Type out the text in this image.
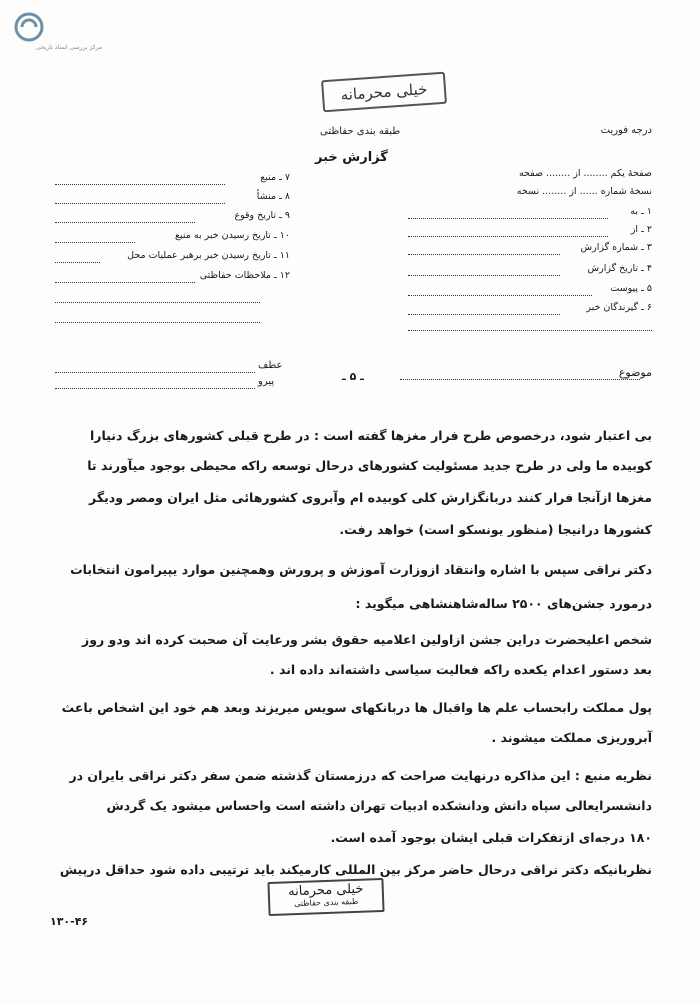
مرکز بررسی اسناد تاریخی
خیلی محرمانه
درجه فوریت
طبقه بندی حفاظتی
گزارش خبر
صفحهٔ یکم ........ از ........ صفحه
نسخهٔ شماره ...... از ........ نسخه
۱ ـ به
۲ ـ از
۳ ـ شماره گزارش
۴ ـ تاریخ گزارش
۵ ـ پیوست
۶ ـ گیرندگان خبر
۷ ـ منبع
۸ ـ منشأ
۹ ـ تاریخ وقوع
۱۰ ـ تاریخ رسیدن خبر به منبع
۱۱ ـ تاریخ رسیدن خبر برهبر عملیات محل
۱۲ ـ ملاحظات حفاظتی
موضوع
ـ ۵ ـ
عطف
پیرو
بی اعتبار شود، درخصوص طرح فرار مغزها گفته است : در طرح قبلی کشورهای بزرگ دنیارا
کوبیده ما ولی در طرح جدید مسئولیت کشورهای درحال توسعه راکه محیطی بوجود میآورند تا
مغزها ازآنجا فرار کنند دربانگزارش کلی کوبیده ام وآبروی کشورهائی مثل ایران ومصر ودیگر
کشورها درانیجا (منظور یونسکو است) خواهد رفت.
دکتر نراقی سپس با اشاره وانتقاد ازوزارت آموزش و پرورش وهمچنین موارد یپیرامون انتخابات
درمورد جشن‌های ۲۵۰۰ ساله‌شاهنشاهی میگوید :
شخص اعلیحضرت دراین جشن ازاولین اعلامیه حقوق بشر ورعایت آن صحبت کرده اند ودو روز
بعد دستور اعدام یکعده راکه فعالیت سیاسی داشته‌اند داده اند .
پول مملکت رابحساب علم ها واقبال ها دربانکهای سویس میریزند وبعد هم خود این اشخاص باعث
آبروریزی مملکت میشوند .
نظریه منبع : این مذاکره درنهایت صراحت که درزمستان گذشته ضمن سفر دکتر نراقی بایران در
دانشسرایعالی سپاه دانش ودانشکده ادبیات تهران داشته است واحساس میشود یک گردش
۱۸۰ درجه‌ای ازتفکرات قبلی ایشان بوجود آمده است.
نظربانیکه دکتر نراقی درحال حاضر مرکز بین المللی کارمیکند باید ترتیبی داده شود حداقل درپیش
خیلی محرمانه
طبقه بندی حفاظتی
۱۳۰-۴۶
